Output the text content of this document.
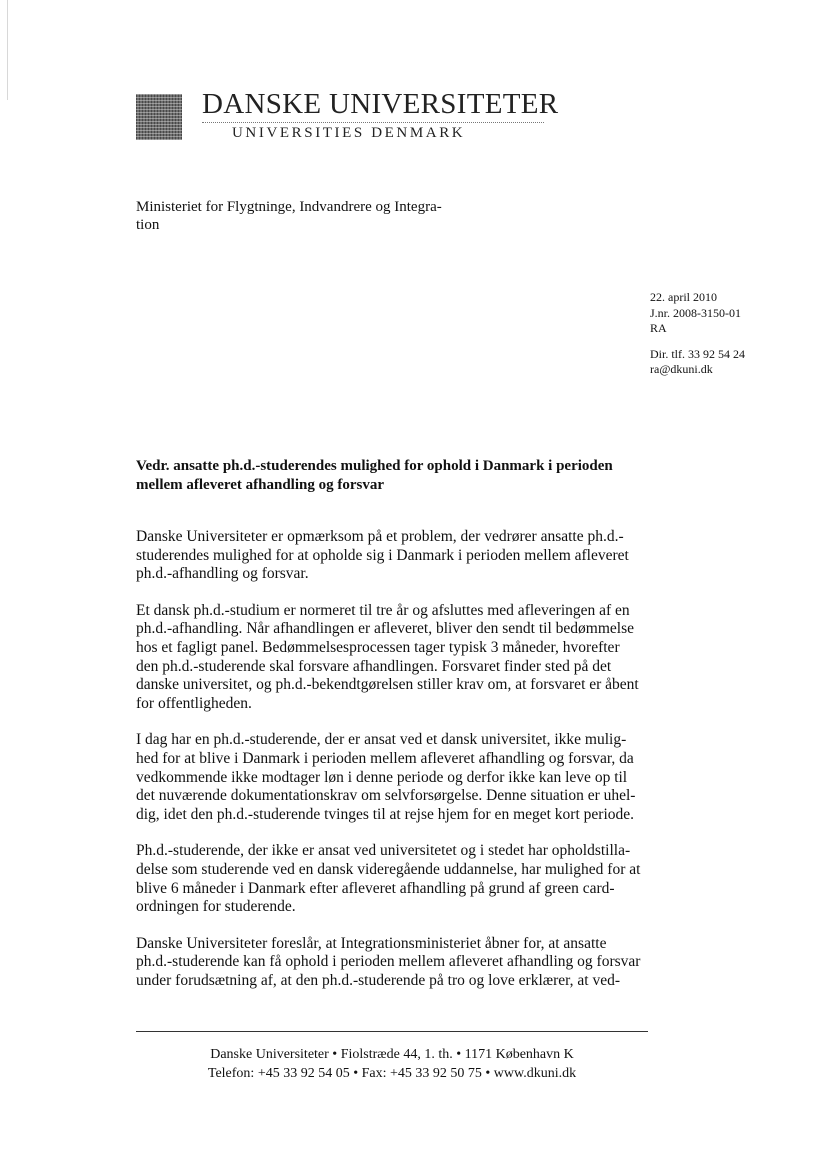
DANSKE UNIVERSITETER
UNIVERSITIES DENMARK
Ministeriet for Flygtninge, Indvandrere og Integra-
tion
22. april 2010
J.nr. 2008-3150-01
RA
Dir. tlf. 33 92 54 24
ra@dkuni.dk
Vedr. ansatte ph.d.-studerendes mulighed for ophold i Danmark i perioden
mellem afleveret afhandling og forsvar

Danske Universiteter er opmærksom på et problem, der vedrører ansatte ph.d.-
studerendes mulighed for at opholde sig i Danmark i perioden mellem afleveret
ph.d.-afhandling og forsvar.

Et dansk ph.d.-studium er normeret til tre år og afsluttes med afleveringen af en
ph.d.-afhandling. Når afhandlingen er afleveret, bliver den sendt til bedømmelse
hos et fagligt panel. Bedømmelsesprocessen tager typisk 3 måneder, hvorefter
den ph.d.-studerende skal forsvare afhandlingen. Forsvaret finder sted på det
danske universitet, og ph.d.-bekendtgørelsen stiller krav om, at forsvaret er åbent
for offentligheden.

I dag har en ph.d.-studerende, der er ansat ved et dansk universitet, ikke mulig-
hed for at blive i Danmark i perioden mellem afleveret afhandling og forsvar, da
vedkommende ikke modtager løn i denne periode og derfor ikke kan leve op til
det nuværende dokumentationskrav om selvforsørgelse. Denne situation er uhel-
dig, idet den ph.d.-studerende tvinges til at rejse hjem for en meget kort periode.

Ph.d.-studerende, der ikke er ansat ved universitetet og i stedet har opholdstilla-
delse som studerende ved en dansk videregående uddannelse, har mulighed for at
blive 6 måneder i Danmark efter afleveret afhandling på grund af green card-
ordningen for studerende.

Danske Universiteter foreslår, at Integrationsministeriet åbner for, at ansatte
ph.d.-studerende kan få ophold i perioden mellem afleveret afhandling og forsvar
under forudsætning af, at den ph.d.-studerende på tro og love erklærer, at ved-

Danske Universiteter • Fiolstræde 44, 1. th. • 1171 København K
Telefon: +45 33 92 54 05 • Fax: +45 33 92 50 75 • www.dkuni.dk
